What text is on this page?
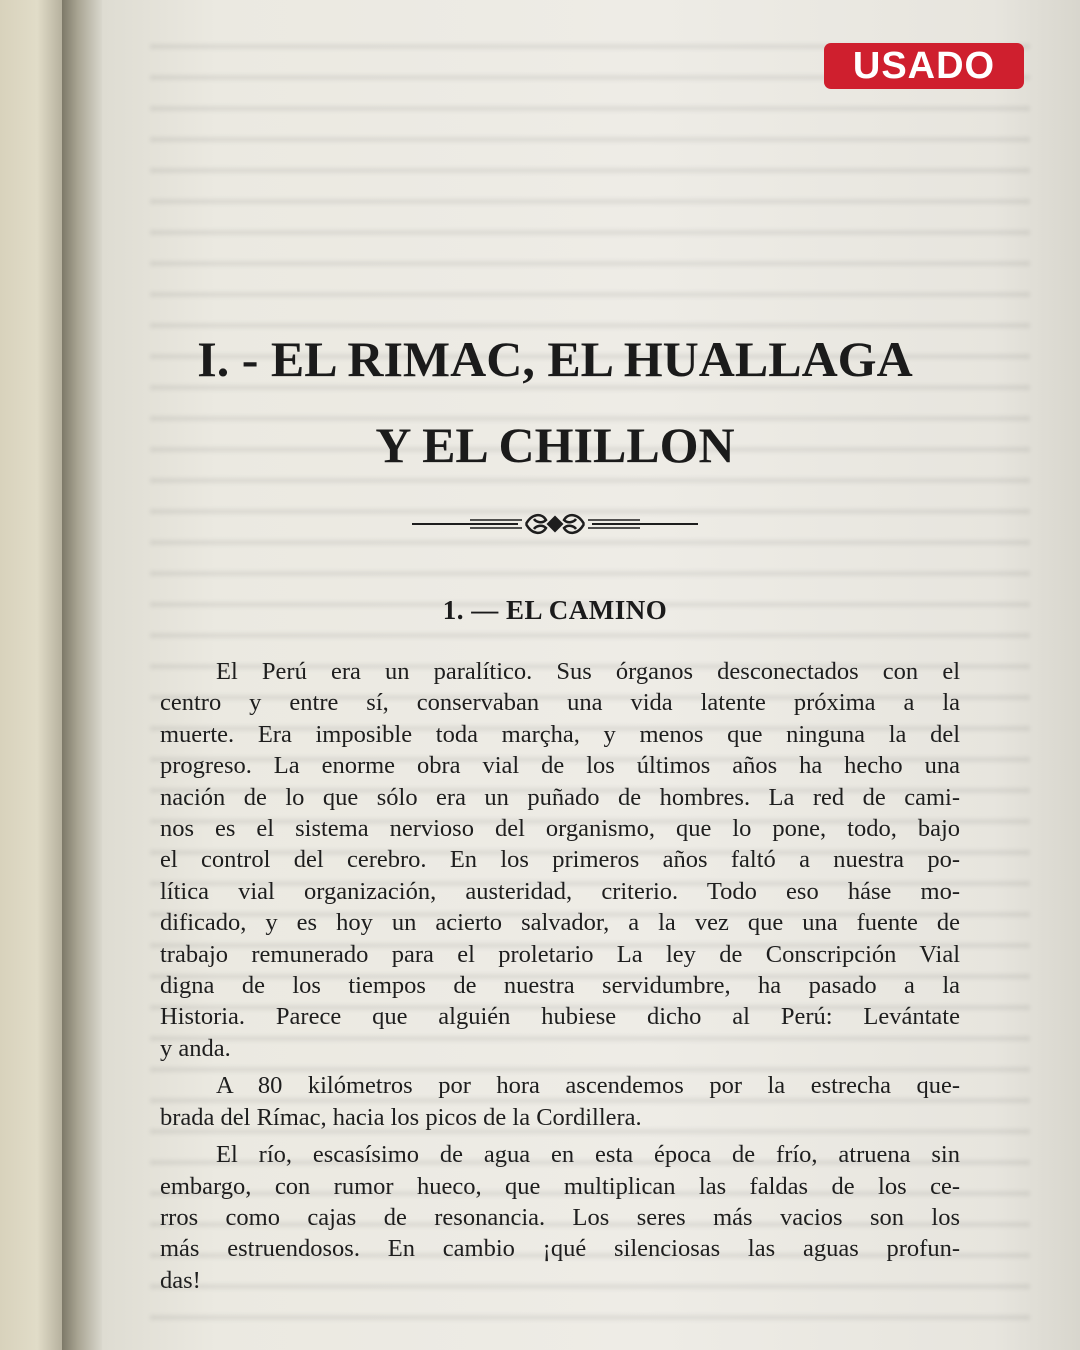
USADO
I. - EL RIMAC, EL HUALLAGA
Y EL CHILLON
1. — EL CAMINO

El Perú era un paralítico. Sus órganos desconectados con el
centro y entre sí, conservaban una vida latente próxima a la
muerte. Era imposible toda marçha, y menos que ninguna la del
progreso. La enorme obra vial de los últimos años ha hecho una
nación de lo que sólo era un puñado de hombres. La red de cami-
nos es el sistema nervioso del organismo, que lo pone, todo, bajo
el control del cerebro. En los primeros años faltó a nuestra po-
lítica vial organización, austeridad, criterio. Todo eso háse mo-
dificado, y es hoy un acierto salvador, a la vez que una fuente de
trabajo remunerado para el proletario La ley de Conscripción Vial
digna de los tiempos de nuestra servidumbre, ha pasado a la
Historia. Parece que alguién hubiese dicho al Perú: Levántate
y anda.

A 80 kilómetros por hora ascendemos por la estrecha que-
brada del Rímac, hacia los picos de la Cordillera.

El río, escasísimo de agua en esta época de frío, atruena sin
embargo, con rumor hueco, que multiplican las faldas de los ce-
rros como cajas de resonancia. Los seres más vacios son los
más estruendosos. En cambio ¡qué silenciosas las aguas profun-
das!
